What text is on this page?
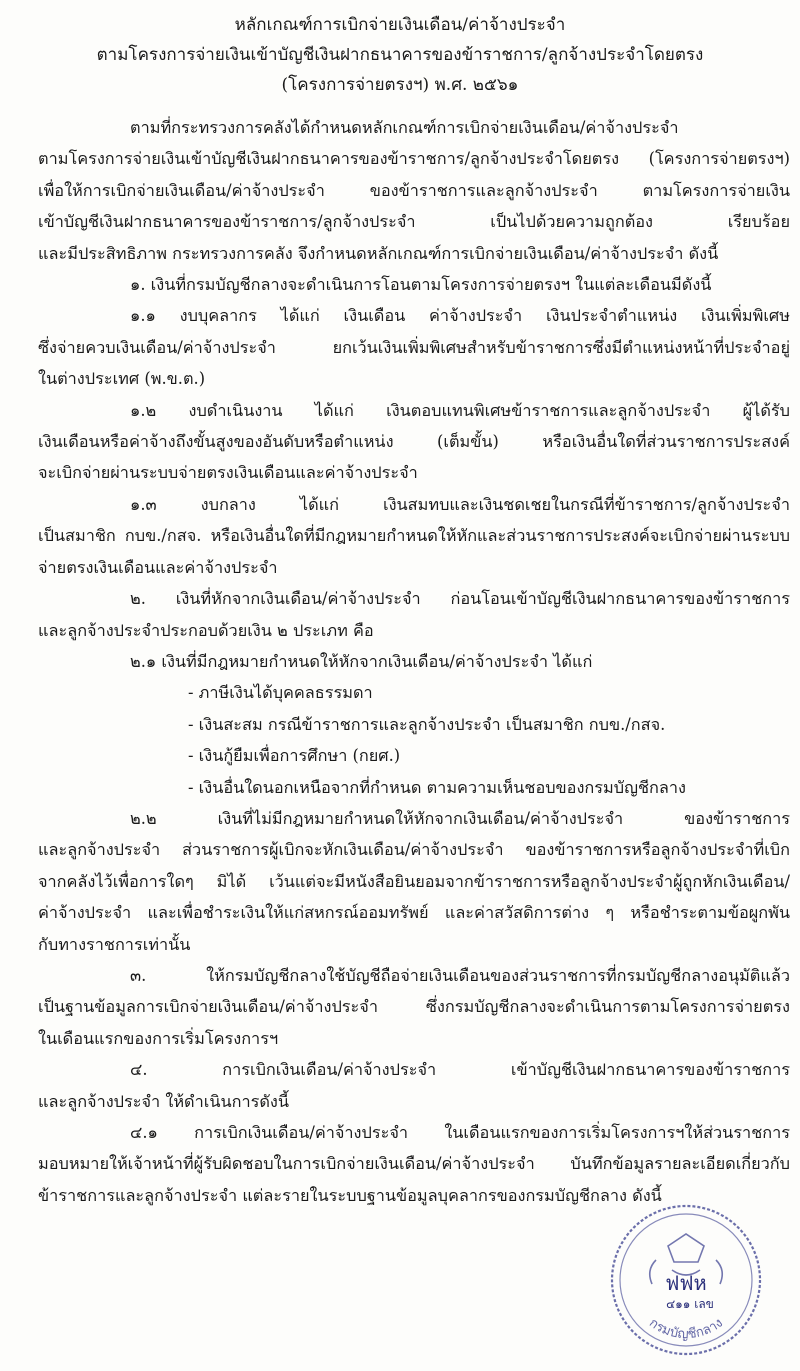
หลักเกณฑ์การเบิกจ่ายเงินเดือน/ค่าจ้างประจำ
ตามโครงการจ่ายเงินเข้าบัญชีเงินฝากธนาคารของข้าราชการ/ลูกจ้างประจำโดยตรง
(โครงการจ่ายตรงฯ) พ.ศ. ๒๕๖๑
ตามที่กระทรวงการคลังได้กำหนดหลักเกณฑ์การเบิกจ่ายเงินเดือน/ค่าจ้างประจำ
ตามโครงการจ่ายเงินเข้าบัญชีเงินฝากธนาคารของข้าราชการ/ลูกจ้างประจำโดยตรง (โครงการจ่ายตรงฯ)
เพื่อให้การเบิกจ่ายเงินเดือน/ค่าจ้างประจำ ของข้าราชการและลูกจ้างประจำ ตามโครงการจ่ายเงิน
เข้าบัญชีเงินฝากธนาคารของข้าราชการ/ลูกจ้างประจำ เป็นไปด้วยความถูกต้อง เรียบร้อย
และมีประสิทธิภาพ กระทรวงการคลัง จึงกำหนดหลักเกณฑ์การเบิกจ่ายเงินเดือน/ค่าจ้างประจำ ดังนี้
๑. เงินที่กรมบัญชีกลางจะดำเนินการโอนตามโครงการจ่ายตรงฯ ในแต่ละเดือนมีดังนี้
๑.๑ งบบุคลากร ได้แก่ เงินเดือน ค่าจ้างประจำ เงินประจำตำแหน่ง เงินเพิ่มพิเศษ
ซึ่งจ่ายควบเงินเดือน/ค่าจ้างประจำ ยกเว้นเงินเพิ่มพิเศษสำหรับข้าราชการซึ่งมีตำแหน่งหน้าที่ประจำอยู่
ในต่างประเทศ (พ.ข.ต.)
๑.๒ งบดำเนินงาน ได้แก่ เงินตอบแทนพิเศษข้าราชการและลูกจ้างประจำ ผู้ได้รับ
เงินเดือนหรือค่าจ้างถึงขั้นสูงของอันดับหรือตำแหน่ง (เต็มขั้น) หรือเงินอื่นใดที่ส่วนราชการประสงค์
จะเบิกจ่ายผ่านระบบจ่ายตรงเงินเดือนและค่าจ้างประจำ
๑.๓ งบกลาง ได้แก่ เงินสมทบและเงินชดเชยในกรณีที่ข้าราชการ/ลูกจ้างประจำ
เป็นสมาชิก กบข./กสจ. หรือเงินอื่นใดที่มีกฎหมายกำหนดให้หักและส่วนราชการประสงค์จะเบิกจ่ายผ่านระบบ
จ่ายตรงเงินเดือนและค่าจ้างประจำ
๒. เงินที่หักจากเงินเดือน/ค่าจ้างประจำ ก่อนโอนเข้าบัญชีเงินฝากธนาคารของข้าราชการ
และลูกจ้างประจำประกอบด้วยเงิน ๒ ประเภท คือ
๒.๑ เงินที่มีกฎหมายกำหนดให้หักจากเงินเดือน/ค่าจ้างประจำ ได้แก่
- ภาษีเงินได้บุคคลธรรมดา
- เงินสะสม กรณีข้าราชการและลูกจ้างประจำ เป็นสมาชิก กบข./กสจ.
- เงินกู้ยืมเพื่อการศึกษา (กยศ.)
- เงินอื่นใดนอกเหนือจากที่กำหนด ตามความเห็นชอบของกรมบัญชีกลาง
๒.๒ เงินที่ไม่มีกฎหมายกำหนดให้หักจากเงินเดือน/ค่าจ้างประจำ ของข้าราชการ
และลูกจ้างประจำ ส่วนราชการผู้เบิกจะหักเงินเดือน/ค่าจ้างประจำ ของข้าราชการหรือลูกจ้างประจำที่เบิก
จากคลังไว้เพื่อการใดๆ มิได้ เว้นแต่จะมีหนังสือยินยอมจากข้าราชการหรือลูกจ้างประจำผู้ถูกหักเงินเดือน/
ค่าจ้างประจำ และเพื่อชำระเงินให้แก่สหกรณ์ออมทรัพย์ และค่าสวัสดิการต่าง ๆ หรือชำระตามข้อผูกพัน
กับทางราชการเท่านั้น
๓. ให้กรมบัญชีกลางใช้บัญชีถือจ่ายเงินเดือนของส่วนราชการที่กรมบัญชีกลางอนุมัติแล้ว
เป็นฐานข้อมูลการเบิกจ่ายเงินเดือน/ค่าจ้างประจำ ซึ่งกรมบัญชีกลางจะดำเนินการตามโครงการจ่ายตรง
ในเดือนแรกของการเริ่มโครงการฯ
๔. การเบิกเงินเดือน/ค่าจ้างประจำ เข้าบัญชีเงินฝากธนาคารของข้าราชการ
และลูกจ้างประจำ ให้ดำเนินการดังนี้
๔.๑ การเบิกเงินเดือน/ค่าจ้างประจำ ในเดือนแรกของการเริ่มโครงการฯให้ส่วนราชการ
มอบหมายให้เจ้าหน้าที่ผู้รับผิดชอบในการเบิกจ่ายเงินเดือน/ค่าจ้างประจำ บันทึกข้อมูลรายละเอียดเกี่ยวกับ
ข้าราชการและลูกจ้างประจำ แต่ละรายในระบบฐานข้อมูลบุคลากรของกรมบัญชีกลาง ดังนี้
ฟฟห
๔๑๑ เลข
กรมบัญชีกลาง
